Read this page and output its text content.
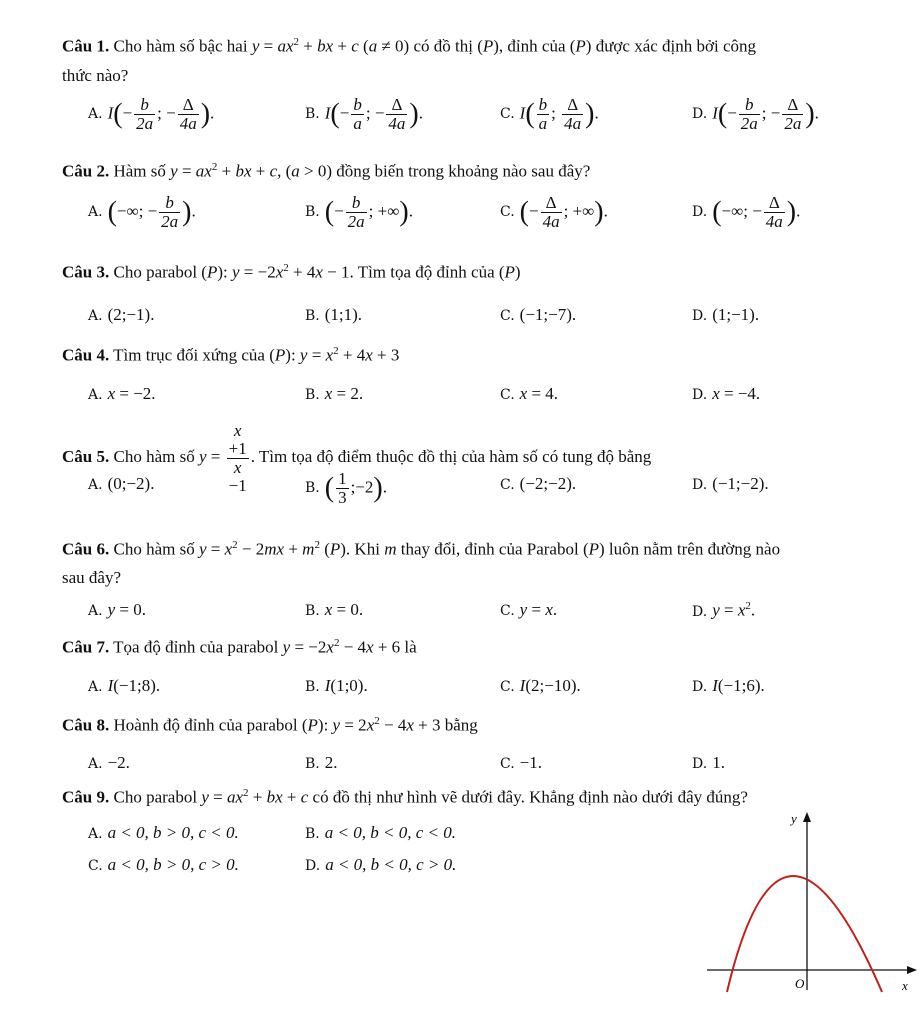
Câu 1. Cho hàm số bậc hai $y = ax^2$ + bx + c (a ≠ 0) có đồ thị (P), đỉnh của (P) được xác định bởi công
thức nào?
A. $I(- \frac{b}{2a}$ ; − $\frac{\Delta}{4a}$ ).	B. $I(- \frac{b}{a}$ ; − $\frac{\Delta}{4a}$ ).	C. $I( \frac{b}{a}$ ; $\frac{\Delta}{4a}$ ).	D. $I(- \frac{b}{2a}$ ; − $\frac{\Delta}{2a}$ ).
Câu 2. Hàm số $y = ax^2$ + bx + c, (a > 0) đồng biến trong khoảng nào sau đây?
A. (−∞; − $\frac{b}{2a}$ ).	B. (− $\frac{b}{2a}$ ; +∞).	C. (− $\frac{\Delta}{4a}$ ; +∞).	D. (−∞; − $\frac{\Delta}{4a}$ ).
Câu 3. Cho parabol (P): $y = -2x^2 + 4x - 1$. Tìm tọa độ đỉnh của (P)
A. (2;−1).	B. (1;1).	C. (−1;−7).	D. (1;−1).
Câu 4. Tìm trục đối xứng của (P): $y = x^2 + 4x + 3$
A. x = −2.	B. x = 2.	C. x = 4.	D. x = −4.
Câu 5. Cho hàm số y = x
+1
x
−1 . Tìm tọa độ điểm thuộc đồ thị của hàm số có tung độ bằng
A. (0;−2).	B. ( $\frac{1}{3}$ ;−2).	C. (−2;−2).	D. (−1;−2).
Câu 6. Cho hàm số $y = x^2 - 2mx + m^2$ (P). Khi m thay đổi, đỉnh của Parabol (P) luôn nằm trên đường nào
sau đây?
A. y = 0.	B. x = 0.	C. y = x.	D. $y = x^2$.
Câu 7. Tọa độ đỉnh của parabol $y = -2x^2 - 4x + 6$ là
A. I(−1;8).	B. I(1;0).	C. I(2;−10).	D. I(−1;6).
Câu 8. Hoành độ đỉnh của parabol (P): $y = 2x^2 - 4x + 3$ bằng
A. −2.	B. 2.	C. −1.	D. 1.
Câu 9. Cho parabol $y = ax^2$ + bx + c có đồ thị như hình vẽ dưới đây. Khẳng định nào dưới đây đúng?
A. a < 0, b > 0, c < 0.	B. a < 0, b < 0, c < 0.
C. a < 0, b > 0, c > 0.	D. a < 0, b < 0, c > 0.
y
O	x
